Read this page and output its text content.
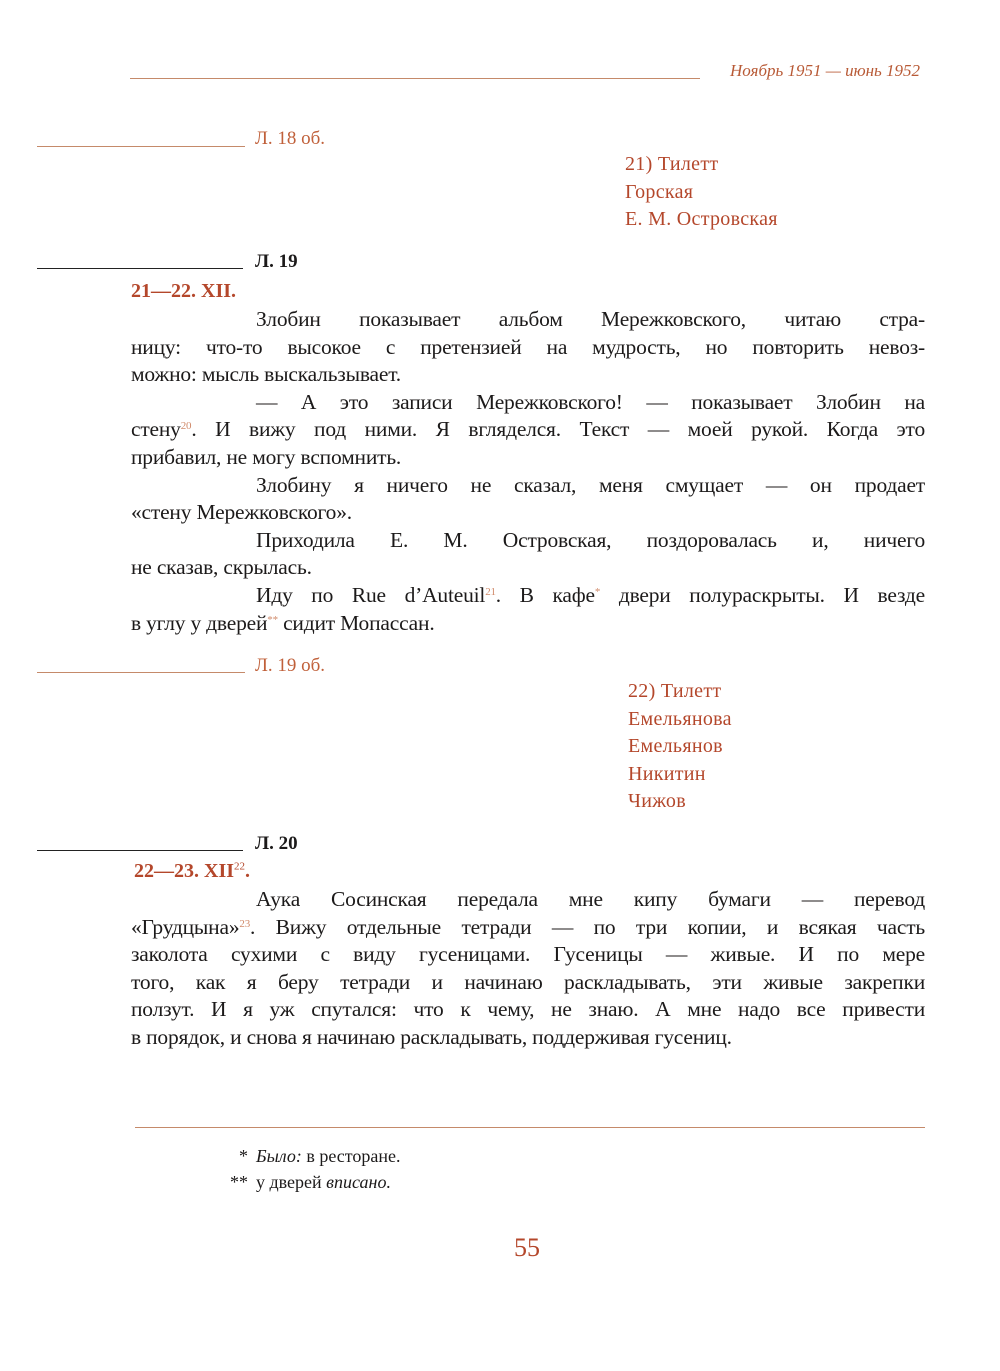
Ноябрь 1951 — июнь 1952
Л. 18 об.
21) Тилетт
Горская
Е. М. Островская
Л. 19
21—22. XII.
Злобин показывает альбом Мережковского, читаю стра-
ницу: что-то высокое с претензией на мудрость, но повторить невоз-
можно: мысль выскальзывает.
— А это записи Мережковского! — показывает Злобин на
стену$^{20}$. И вижу под ними. Я вгляделся. Текст — моей рукой. Когда это
прибавил, не могу вспомнить.
Злобину я ничего не сказал, меня смущает — он продает
«стену Мережковского».
Приходила Е. М. Островская, поздоровалась и, ничего
не сказав, скрылась.
Иду по Rue d’Auteuil$^{21}$. В кафе* двери полураскрыты. И везде
в углу у дверей** сидит Мопассан.
Л. 19 об.
22) Тилетт
Емельянова
Емельянов
Никитин
Чижов
Л. 20
22—23. XII$^{22}$.
Аука Сосинская передала мне кипу бумаги — перевод
«Грудцына»$^{23}$. Вижу отдельные тетради — по три копии, и всякая часть
заколота сухими с виду гусеницами. Гусеницы — живые. И по мере
того, как я беру тетради и начинаю раскладывать, эти живые закрепки
ползут. И я уж спутался: что к чему, не знаю. А мне надо все привести
в порядок, и снова я начинаю раскладывать, поддерживая гусениц.
* Было: в ресторане.
** у дверей вписано.
55
